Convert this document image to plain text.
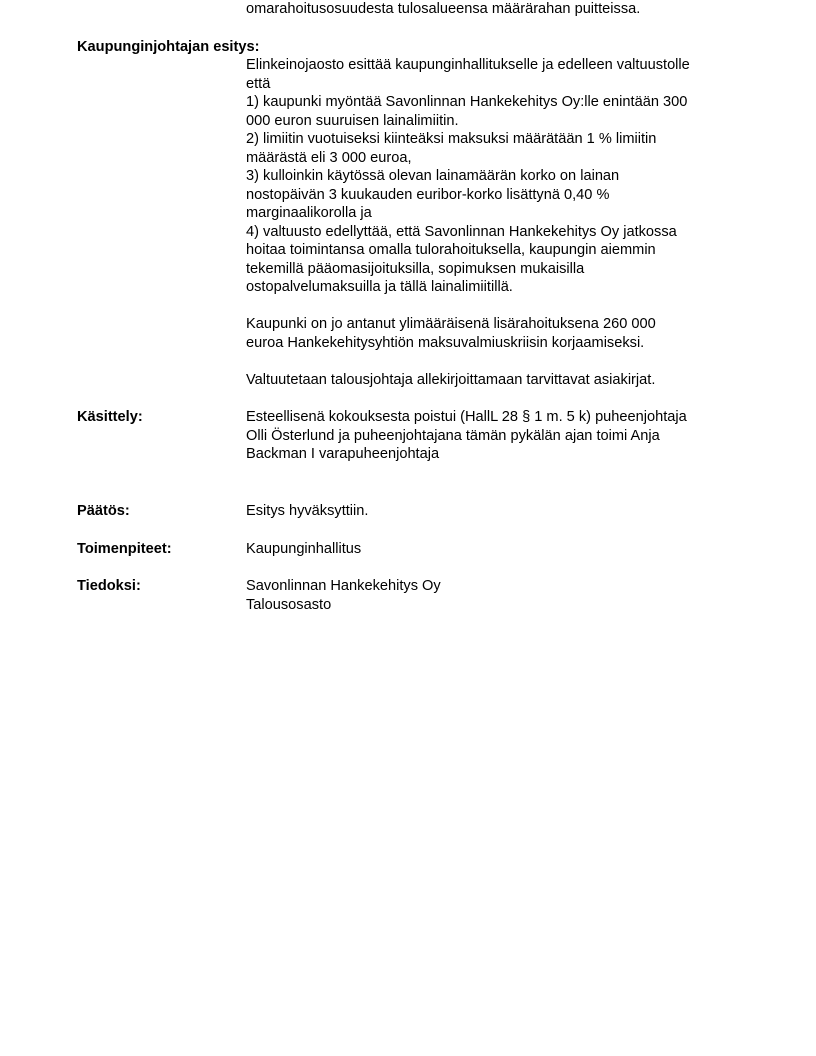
omarahoitusosuudesta tulosalueensa määrärahan puitteissa.
Kaupunginjohtajan esitys:
Elinkeinojaosto esittää kaupunginhallitukselle ja edelleen valtuustolle
että
1) kaupunki myöntää Savonlinnan Hankekehitys Oy:lle enintään 300
000 euron suuruisen lainalimiitin.
2) limiitin vuotuiseksi kiinteäksi maksuksi määrätään 1 % limiitin
määrästä eli 3 000 euroa,
3) kulloinkin käytössä olevan lainamäärän korko on lainan
nostopäivän 3 kuukauden euribor-korko lisättynä 0,40 %
marginaalikorolla ja
4) valtuusto edellyttää, että Savonlinnan Hankekehitys Oy jatkossa
hoitaa toimintansa omalla tulorahoituksella, kaupungin aiemmin
tekemillä pääomasijoituksilla, sopimuksen mukaisilla
ostopalvelumaksuilla ja tällä lainalimiitillä.
Kaupunki on jo antanut ylimääräisenä lisärahoituksena 260 000
euroa Hankekehitysyhtiön maksuvalmiuskriisin korjaamiseksi.
Valtuutetaan talousjohtaja allekirjoittamaan tarvittavat asiakirjat.
Käsittely:	Esteellisenä kokouksesta poistui (HallL 28 § 1 m. 5 k) puheenjohtaja
Olli Österlund ja puheenjohtajana tämän pykälän ajan toimi Anja
Backman I varapuheenjohtaja
Päätös:	Esitys hyväksyttiin.
Toimenpiteet:	Kaupunginhallitus
Tiedoksi:	Savonlinnan Hankekehitys Oy
Talousosasto
